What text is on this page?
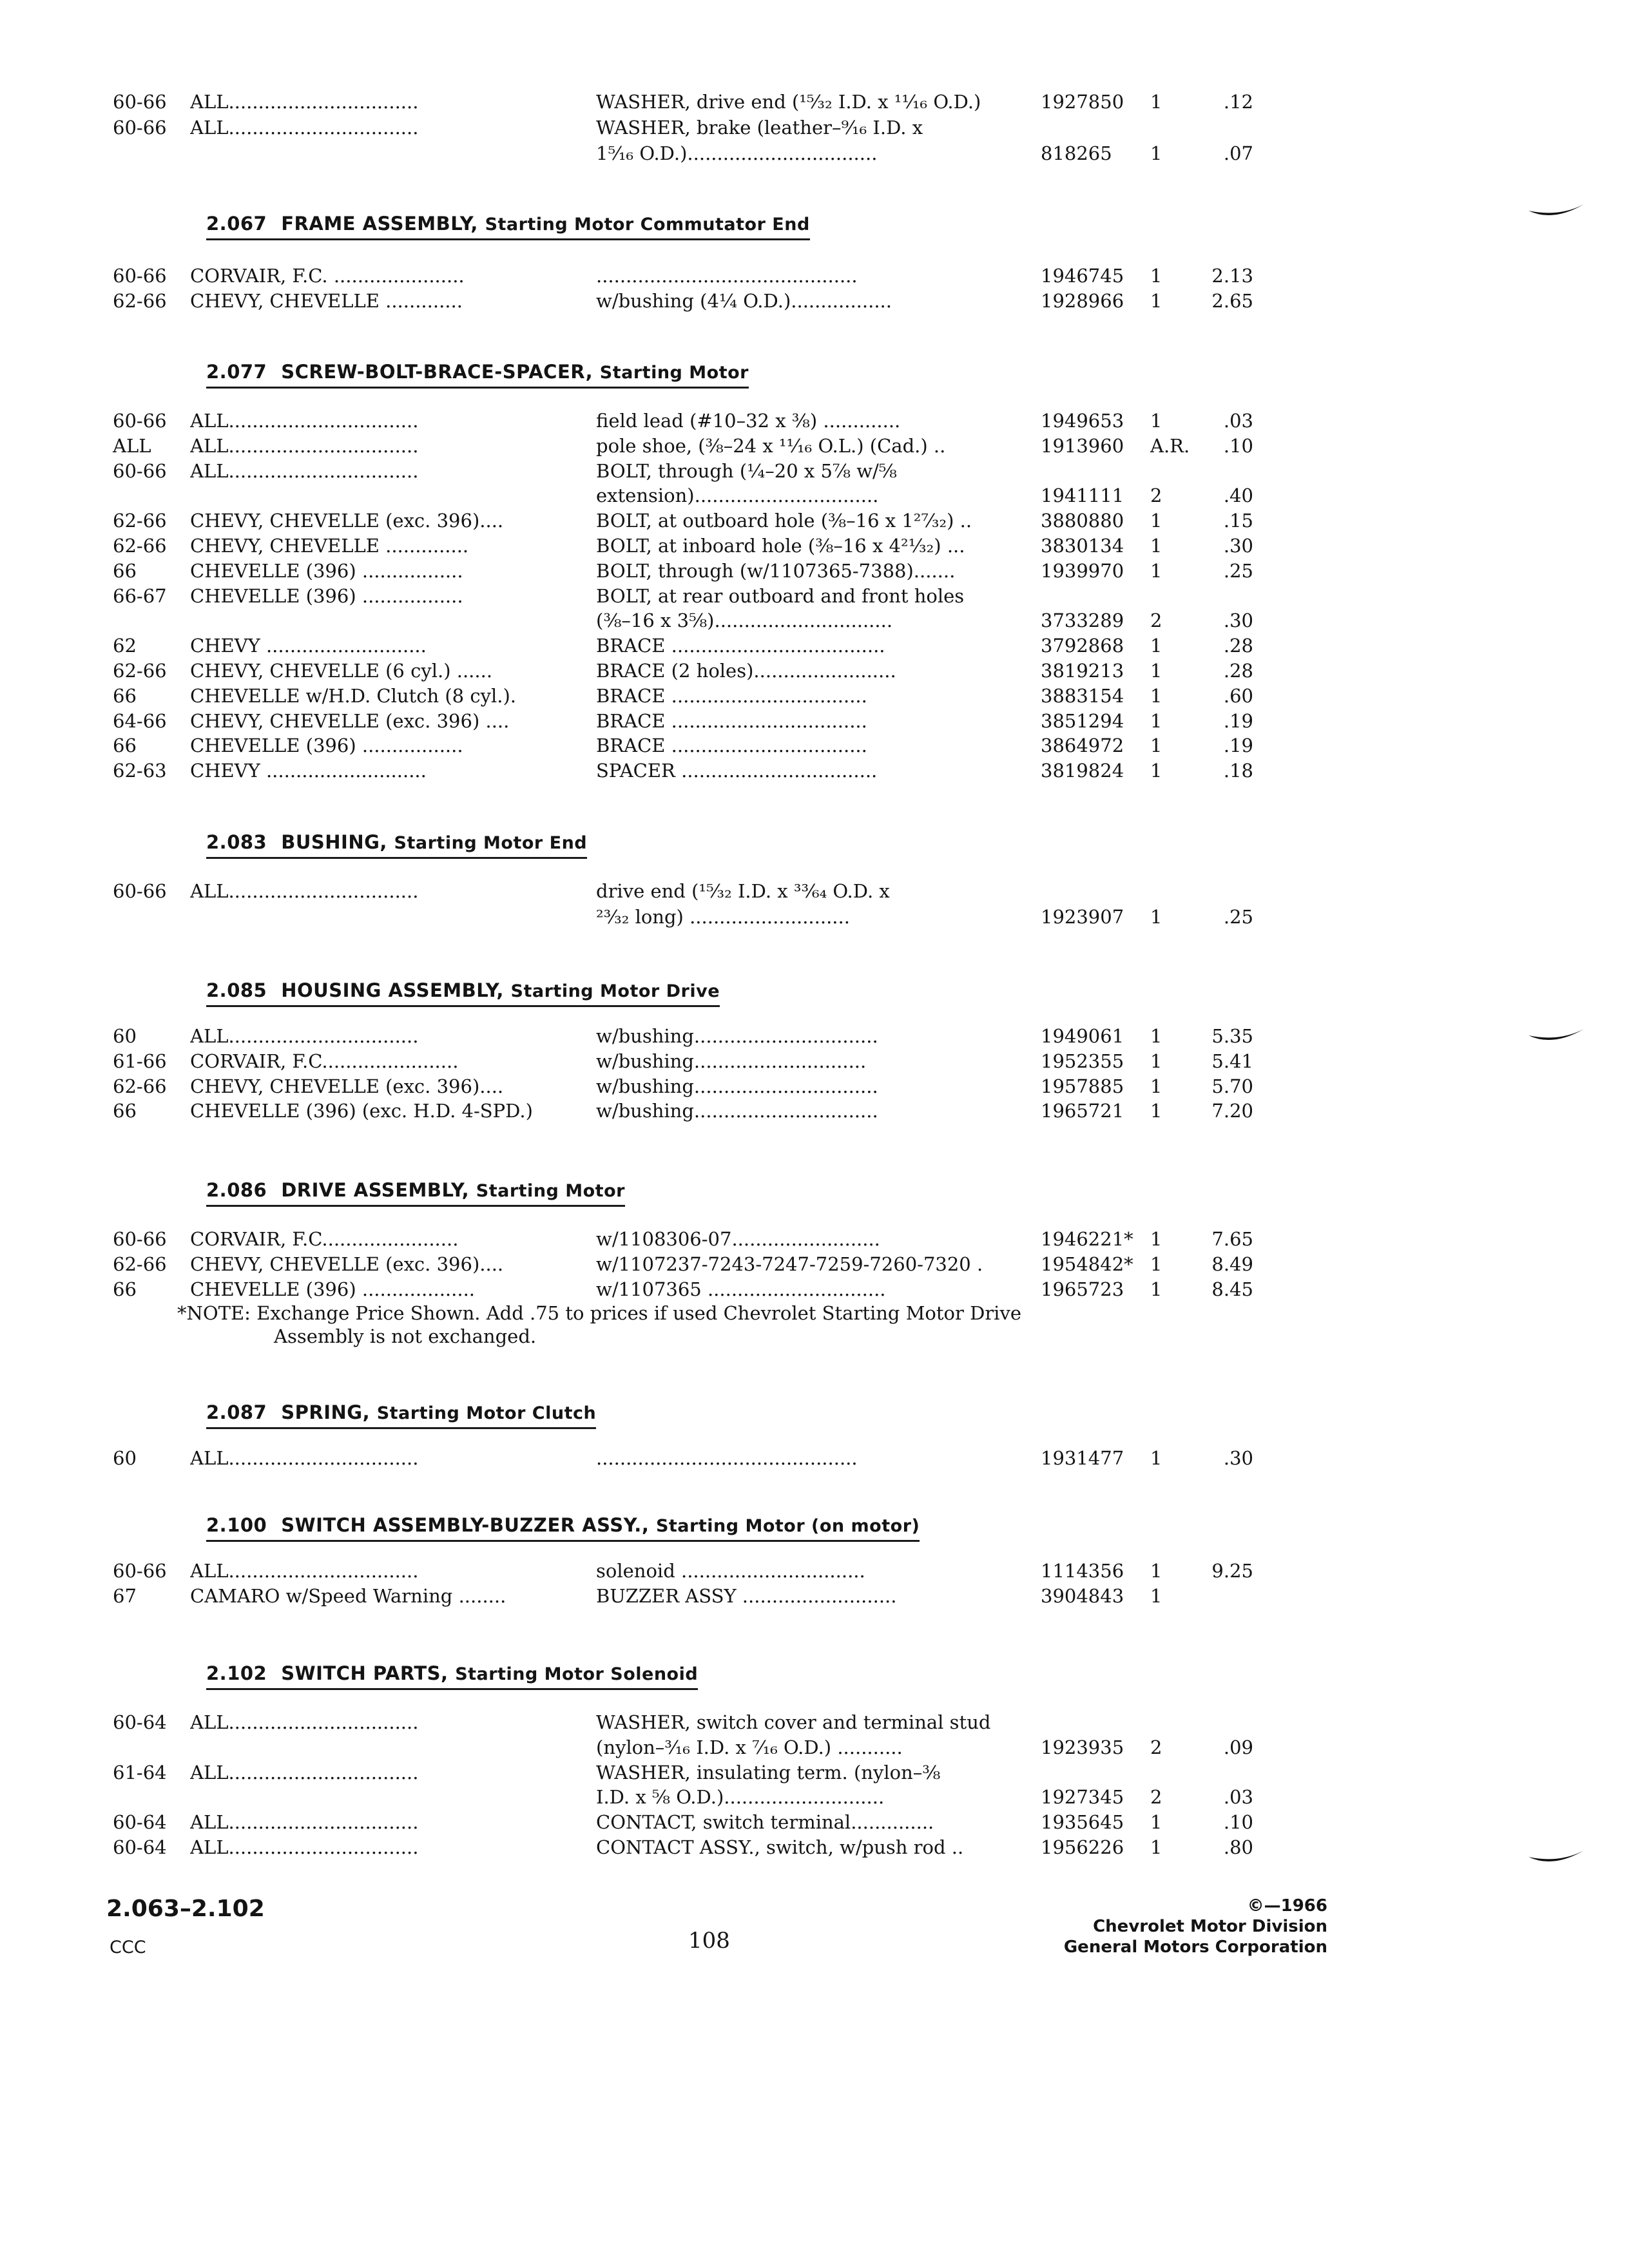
60-66 ALL................................	WASHER, drive end (¹⁵⁄₃₂ I.D. x ¹¹⁄₁₆ O.D.)	1927850	1	.12
60-66 ALL................................	WASHER, brake (leather–⁹⁄₁₆ I.D. x
1⁵⁄₁₆ O.D.)................................	818265	1	.07
2.067 FRAME ASSEMBLY, Starting Motor Commutator End
60-66 CORVAIR, F.C. ......................	............................................	1946745	1	2.13
62-66 CHEVY, CHEVELLE .............	w/bushing (4¼ O.D.).................	1928966	1	2.65
2.077 SCREW-BOLT-BRACE-SPACER, Starting Motor
60-66 ALL................................	field lead (#10–32 x ⅜) .............	1949653	1	.03
ALL ALL................................	pole shoe, (⅜–24 x ¹¹⁄₁₆ O.L.) (Cad.) ..	1913960	A.R.	.10
60-66 ALL................................	BOLT, through (¼–20 x 5⅞ w/⅝
extension)...............................	1941111	2	.40
62-66 CHEVY, CHEVELLE (exc. 396)....	BOLT, at outboard hole (⅜–16 x 1²⁷⁄₃₂) ..	3880880	1	.15
62-66 CHEVY, CHEVELLE ..............	BOLT, at inboard hole (⅜–16 x 4²¹⁄₃₂) ...	3830134	1	.30
66	CHEVELLE (396) .................	BOLT, through (w/1107365-7388).......	1939970	1	.25
66-67 CHEVELLE (396) .................	BOLT, at rear outboard and front holes
(⅜–16 x 3⅝)..............................	3733289	2	.30
62	CHEVY ...........................	BRACE ....................................	3792868	1	.28
62-66 CHEVY, CHEVELLE (6 cyl.) ......	BRACE (2 holes)........................	3819213	1	.28
66	CHEVELLE w/H.D. Clutch (8 cyl.).	BRACE .................................	3883154	1	.60
64-66 CHEVY, CHEVELLE (exc. 396) ....	BRACE .................................	3851294	1	.19
66	CHEVELLE (396) .................	BRACE .................................	3864972	1	.19
62-63 CHEVY ...........................	SPACER .................................	3819824	1	.18
2.083 BUSHING, Starting Motor End
60-66 ALL................................	drive end (¹⁵⁄₃₂ I.D. x ³³⁄₆₄ O.D. x
²³⁄₃₂ long) ...........................	1923907	1	.25
2.085 HOUSING ASSEMBLY, Starting Motor Drive
60	ALL................................	w/bushing...............................	1949061	1	5.35
61-66 CORVAIR, F.C.......................	w/bushing.............................	1952355	1	5.41
62-66 CHEVY, CHEVELLE (exc. 396)....	w/bushing...............................	1957885	1	5.70
66	CHEVELLE (396) (exc. H.D. 4-SPD.)	w/bushing...............................	1965721	1	7.20
2.086 DRIVE ASSEMBLY, Starting Motor
60-66 CORVAIR, F.C.......................	w/1108306-07.........................	1946221* 1	7.65
62-66 CHEVY, CHEVELLE (exc. 396)....	w/1107237-7243-7247-7259-7260-7320 .	1954842* 1	8.49
66	CHEVELLE (396) ...................	w/1107365 ..............................	1965723	1	8.45
*NOTE: Exchange Price Shown. Add .75 to prices if used Chevrolet Starting Motor Drive
Assembly is not exchanged.
2.087 SPRING, Starting Motor Clutch
60	ALL................................	............................................	1931477	1	.30
2.100 SWITCH ASSEMBLY-BUZZER ASSY., Starting Motor (on motor)
60-66 ALL................................	solenoid ...............................	1114356	1	9.25
67	CAMARO w/Speed Warning ........	BUZZER ASSY ..........................	3904843	1
2.102 SWITCH PARTS, Starting Motor Solenoid
60-64 ALL................................	WASHER, switch cover and terminal stud
(nylon–³⁄₁₆ I.D. x ⁷⁄₁₆ O.D.) ...........	1923935	2	.09
61-64 ALL................................	WASHER, insulating term. (nylon–⅜
I.D. x ⅝ O.D.)...........................	1927345	2	.03
60-64 ALL................................	CONTACT, switch terminal..............	1935645	1	.10
60-64 ALL................................	CONTACT ASSY., switch, w/push rod ..	1956226	1	.80
2.063–2.102
CCC	108
©—1966
Chevrolet Motor Division
General Motors Corporation
